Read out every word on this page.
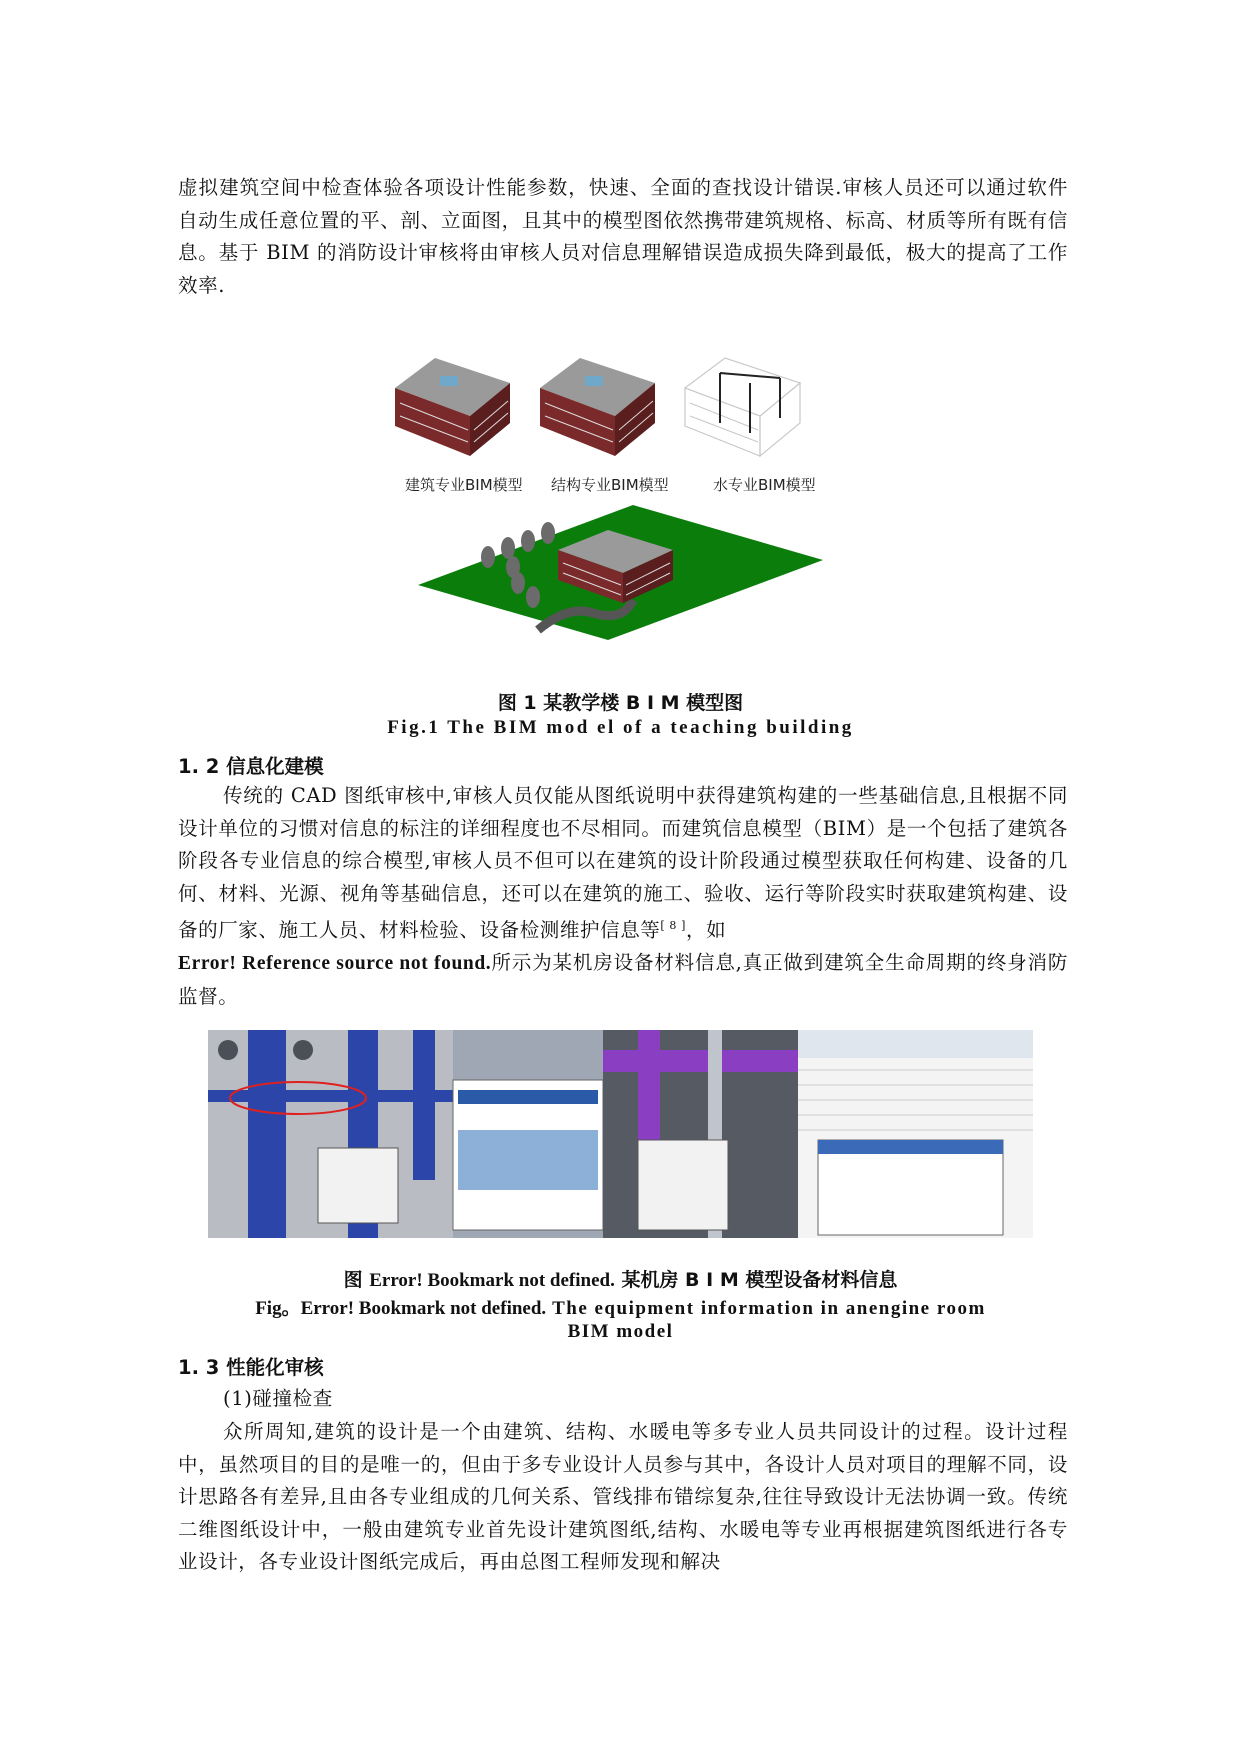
虚拟建筑空间中检查体验各项设计性能参数，快速、全面的查找设计错误.审核人员还可以通过软件自动生成任意位置的平、剖、立面图，且其中的模型图依然携带建筑规格、标高、材质等所有既有信息。基于 BIM 的消防设计审核将由审核人员对信息理解错误造成损失降到最低，极大的提高了工作效率.

建筑专业BIM模型 结构专业BIM模型	水专业BIM模型

图 1 某教学楼 B I M 模型图

Fig.1 The BIM mod el of a teaching building

1. 2 信息化建模

传统的 CAD 图纸审核中,审核人员仅能从图纸说明中获得建筑构建的一些基础信息,且根据不同设计单位的习惯对信息的标注的详细程度也不尽相同。而建筑信息模型（BIM）是一个包括了建筑各阶段各专业信息的综合模型,审核人员不但可以在建筑的设计阶段通过模型获取任何构建、设备的几何、材料、光源、视角等基础信息，还可以在建筑的施工、验收、运行等阶段实时获取建筑构建、设备的厂家、施工人员、材料检验、设备检测维护信息等[ 8 ]，如
Error! Reference source not found.所示为某机房设备材料信息,真正做到建筑全生命周期的终身消防监督。

图 Error! Bookmark not defined. 某机房 B I M 模型设备材料信息

Fig。Error! Bookmark not defined. The equipment information in anengine room

BIM model

1. 3 性能化审核

(1)碰撞检查

众所周知,建筑的设计是一个由建筑、结构、水暖电等多专业人员共同设计的过程。设计过程中，虽然项目的目的是唯一的，但由于多专业设计人员参与其中，各设计人员对项目的理解不同，设计思路各有差异,且由各专业组成的几何关系、管线排布错综复杂,往往导致设计无法协调一致。传统二维图纸设计中，一般由建筑专业首先设计建筑图纸,结构、水暖电等专业再根据建筑图纸进行各专业设计，各专业设计图纸完成后，再由总图工程师发现和解决
